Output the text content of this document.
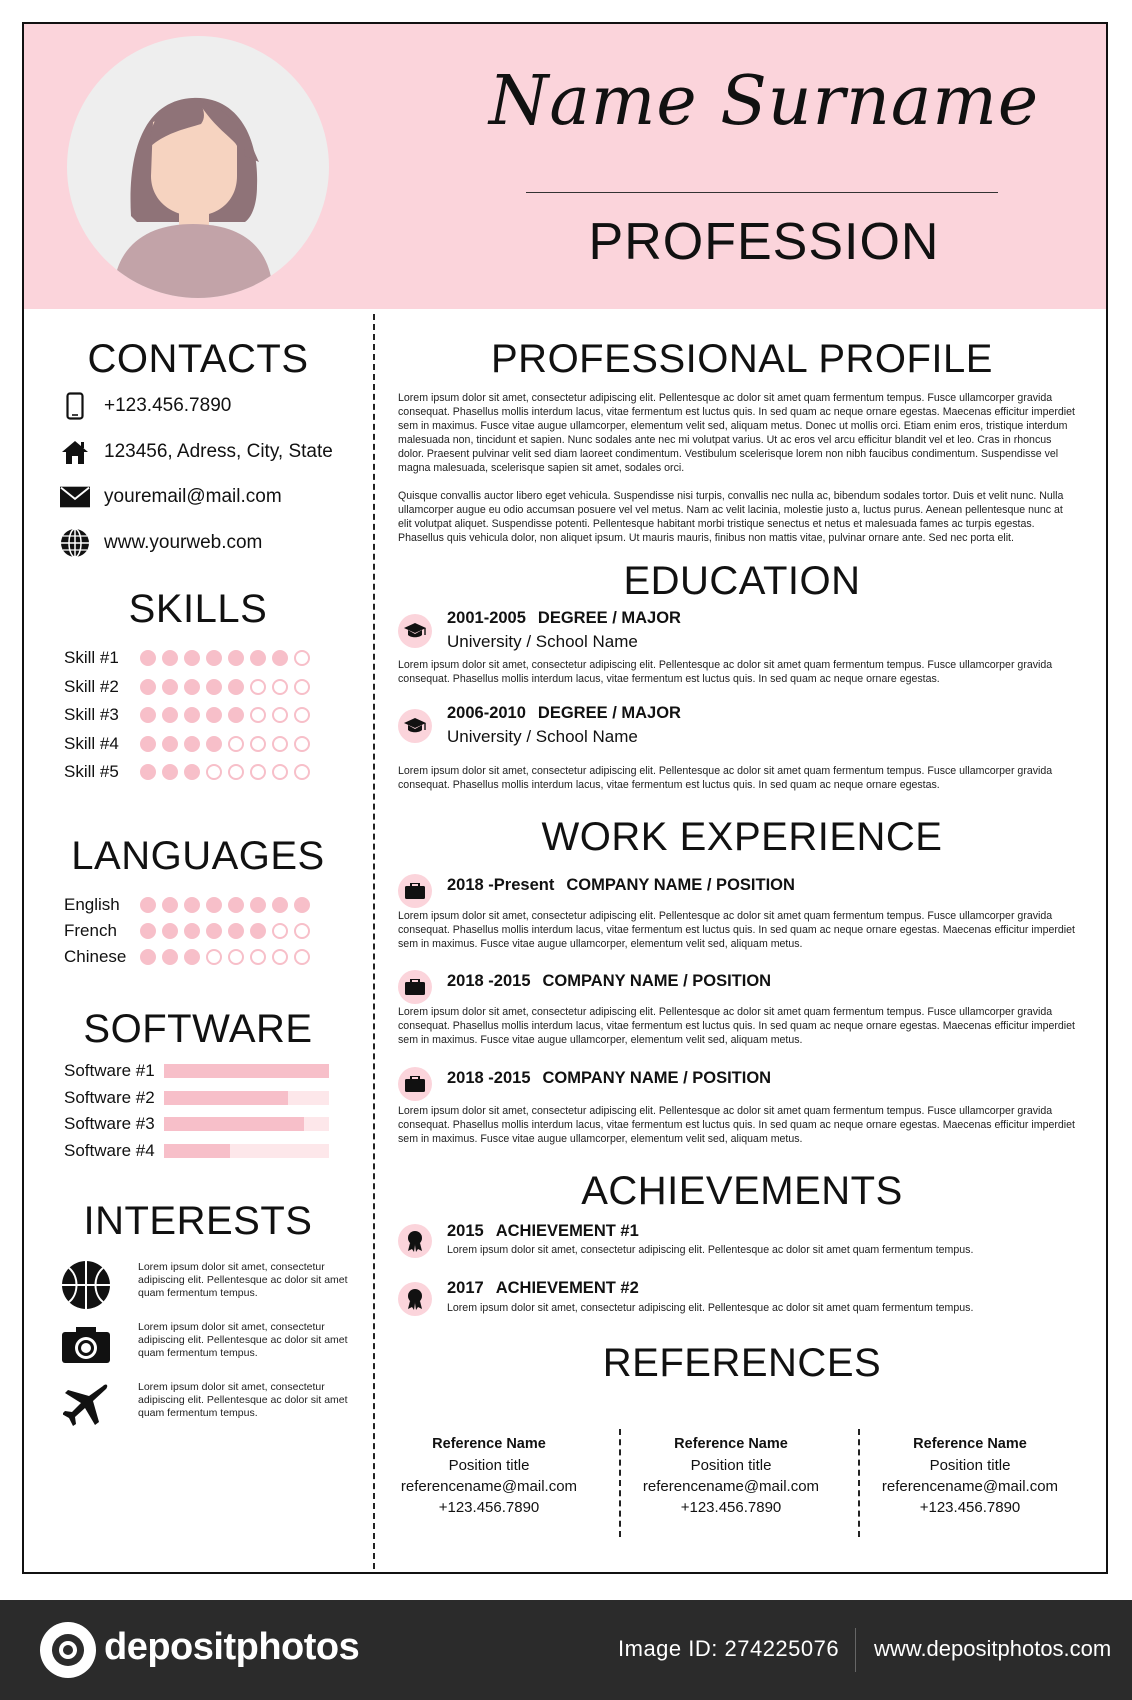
Name Surname
PROFESSION
CONTACTS
+123.456.7890
123456, Adress, City, State
youremail@mail.com
www.yourweb.com
SKILLS
Skill #1
Skill #2
Skill #3
Skill #4
Skill #5
LANGUAGES
English
French
Chinese
SOFTWARE
Software #1
Software #2
Software #3
Software #4
INTERESTS
Lorem ipsum dolor sit amet, consectetur adipiscing elit. Pellentesque ac dolor sit amet quam fermentum tempus.
Lorem ipsum dolor sit amet, consectetur adipiscing elit. Pellentesque ac dolor sit amet quam fermentum tempus.
Lorem ipsum dolor sit amet, consectetur adipiscing elit. Pellentesque ac dolor sit amet quam fermentum tempus.
PROFESSIONAL PROFILE
Lorem ipsum dolor sit amet, consectetur adipiscing elit. Pellentesque ac dolor sit amet quam fermentum tempus. Fusce ullamcorper gravida consequat. Phasellus mollis interdum lacus, vitae fermentum est luctus quis. In sed quam ac neque ornare egestas. Maecenas efficitur imperdiet sem in maximus. Fusce vitae augue ullamcorper, elementum velit sed, aliquam metus. Donec ut mollis orci. Etiam enim eros, tristique interdum malesuada non, tincidunt et sapien. Nunc sodales ante nec mi volutpat varius. Ut ac eros vel arcu efficitur blandit vel et leo. Cras in rhoncus dolor. Praesent pulvinar velit sed diam laoreet condimentum. Vestibulum scelerisque lorem non nibh faucibus condimentum. Suspendisse vel magna malesuada, scelerisque sapien sit amet, sodales orci.
Quisque convallis auctor libero eget vehicula. Suspendisse nisi turpis, convallis nec nulla ac, bibendum sodales tortor. Duis et velit nunc. Nulla ullamcorper augue eu odio accumsan posuere vel vel metus. Nam ac velit lacinia, molestie justo a, luctus purus. Aenean pellentesque nunc at elit volutpat aliquet. Suspendisse potenti. Pellentesque habitant morbi tristique senectus et netus et malesuada fames ac turpis egestas. Phasellus quis vehicula dolor, non aliquet ipsum. Ut mauris mauris, finibus non mattis vitae, pulvinar ornare ante. Sed nec porta elit.
EDUCATION
2001-2005 DEGREE / MAJOR
University / School Name
Lorem ipsum dolor sit amet, consectetur adipiscing elit. Pellentesque ac dolor sit amet quam fermentum tempus. Fusce ullamcorper gravida consequat. Phasellus mollis interdum lacus, vitae fermentum est luctus quis. In sed quam ac neque ornare egestas.
2006-2010 DEGREE / MAJOR
University / School Name
Lorem ipsum dolor sit amet, consectetur adipiscing elit. Pellentesque ac dolor sit amet quam fermentum tempus. Fusce ullamcorper gravida consequat. Phasellus mollis interdum lacus, vitae fermentum est luctus quis. In sed quam ac neque ornare egestas.
WORK EXPERIENCE
2018 -Present COMPANY NAME / POSITION
Lorem ipsum dolor sit amet, consectetur adipiscing elit. Pellentesque ac dolor sit amet quam fermentum tempus. Fusce ullamcorper gravida consequat. Phasellus mollis interdum lacus, vitae fermentum est luctus quis. In sed quam ac neque ornare egestas. Maecenas efficitur imperdiet sem in maximus. Fusce vitae augue ullamcorper, elementum velit sed, aliquam metus.
2018 -2015 COMPANY NAME / POSITION
Lorem ipsum dolor sit amet, consectetur adipiscing elit. Pellentesque ac dolor sit amet quam fermentum tempus. Fusce ullamcorper gravida consequat. Phasellus mollis interdum lacus, vitae fermentum est luctus quis. In sed quam ac neque ornare egestas. Maecenas efficitur imperdiet sem in maximus. Fusce vitae augue ullamcorper, elementum velit sed, aliquam metus.
2018 -2015 COMPANY NAME / POSITION
Lorem ipsum dolor sit amet, consectetur adipiscing elit. Pellentesque ac dolor sit amet quam fermentum tempus. Fusce ullamcorper gravida consequat. Phasellus mollis interdum lacus, vitae fermentum est luctus quis. In sed quam ac neque ornare egestas. Maecenas efficitur imperdiet sem in maximus. Fusce vitae augue ullamcorper, elementum velit sed, aliquam metus.
ACHIEVEMENTS
2015 ACHIEVEMENT #1
Lorem ipsum dolor sit amet, consectetur adipiscing elit. Pellentesque ac dolor sit amet quam fermentum tempus.
2017 ACHIEVEMENT #2
Lorem ipsum dolor sit amet, consectetur adipiscing elit. Pellentesque ac dolor sit amet quam fermentum tempus.
REFERENCES
Reference Name
Position title
referencename@mail.com
+123.456.7890
Reference Name
Position title
referencename@mail.com
+123.456.7890
Reference Name
Position title
referencename@mail.com
+123.456.7890
depositphotos	Image ID: 274225076 www.depositphotos.com
